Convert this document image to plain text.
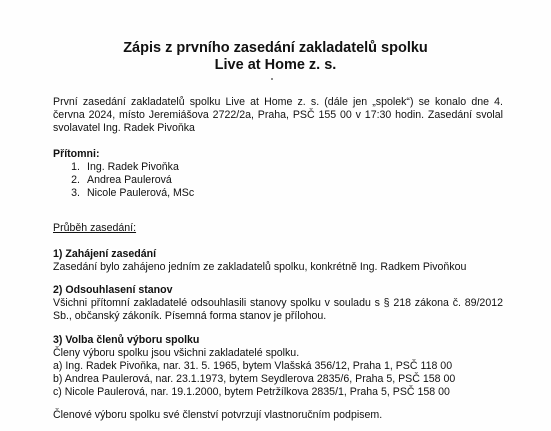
Zápis z prvního zasedání zakladatelů spolku
Live at Home z. s.
První zasedání zakladatelů spolku Live at Home z. s. (dále jen „spolek“) se konalo dne 4. června 2024, místo Jeremiášova 2722/2a, Praha, PSČ 155 00 v 17:30 hodin. Zasedání svolal svolavatel Ing. Radek Pivoňka
Přítomni:
1. Ing. Radek Pivoňka
2. Andrea Paulerová
3. Nicole Paulerová, MSc
Průběh zasedání:
1) Zahájení zasedání
Zasedání bylo zahájeno jedním ze zakladatelů spolku, konkrétně Ing. Radkem Pivoňkou
2) Odsouhlasení stanov
Všichni přítomní zakladatelé odsouhlasili stanovy spolku v souladu s § 218 zákona č. 89/2012 Sb., občanský zákoník. Písemná forma stanov je přílohou.
3) Volba členů výboru spolku
Členy výboru spolku jsou všichni zakladatelé spolku.
a) Ing. Radek Pivoňka, nar. 31. 5. 1965, bytem Vlašská 356/12, Praha 1, PSČ 118 00
b) Andrea Paulerová, nar. 23.1.1973, bytem Seydlerova 2835/6, Praha 5, PSČ 158 00
c) Nicole Paulerová, nar. 19.1.2000, bytem Petržílkova 2835/1, Praha 5, PSČ 158 00
Členové výboru spolku své členství potvrzují vlastnoručním podpisem.
